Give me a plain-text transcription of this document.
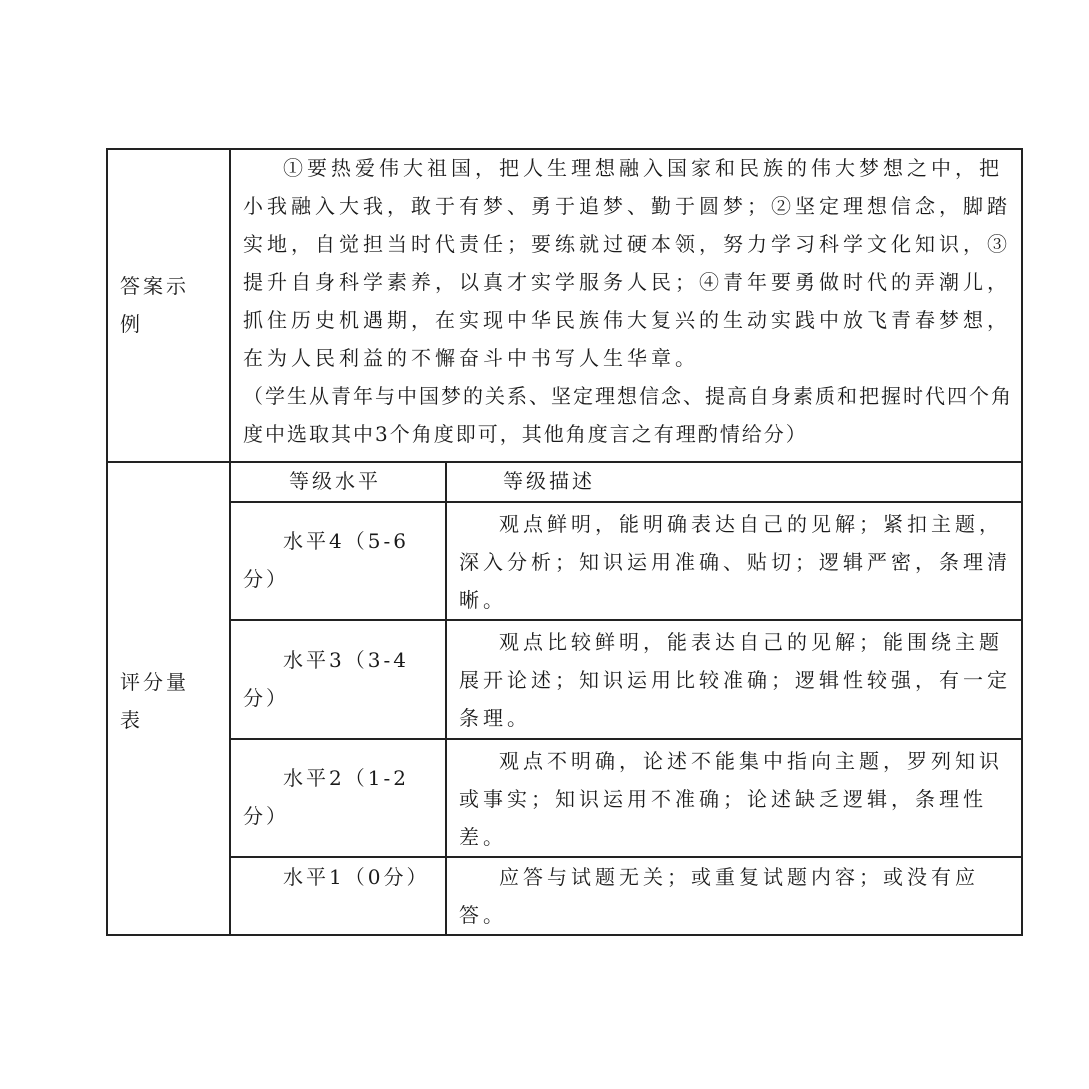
答案示例
①要热爱伟大祖国，把人生理想融入国家和民族的伟大梦想之中，把小我融入大我，敢于有梦、勇于追梦、勤于圆梦；②坚定理想信念，脚踏实地，自觉担当时代责任；要练就过硬本领，努力学习科学文化知识，③提升自身科学素养，以真才实学服务人民；④青年要勇做时代的弄潮儿，抓住历史机遇期，在实现中华民族伟大复兴的生动实践中放飞青春梦想，在为人民利益的不懈奋斗中书写人生华章。
（学生从青年与中国梦的关系、坚定理想信念、提高自身素质和把握时代四个角度中选取其中3个角度即可，其他角度言之有理酌情给分）
评分量表
等级水平	等级描述
水平4（5-6分）
观点鲜明，能明确表达自己的见解；紧扣主题，深入分析；知识运用准确、贴切；逻辑严密，条理清晰。
水平3（3-4分）
观点比较鲜明，能表达自己的见解；能围绕主题展开论述；知识运用比较准确；逻辑性较强，有一定条理。
水平2（1-2分）
观点不明确，论述不能集中指向主题，罗列知识或事实；知识运用不准确；论述缺乏逻辑，条理性差。
水平1（0分）	应答与试题无关；或重复试题内容；或没有应答。
